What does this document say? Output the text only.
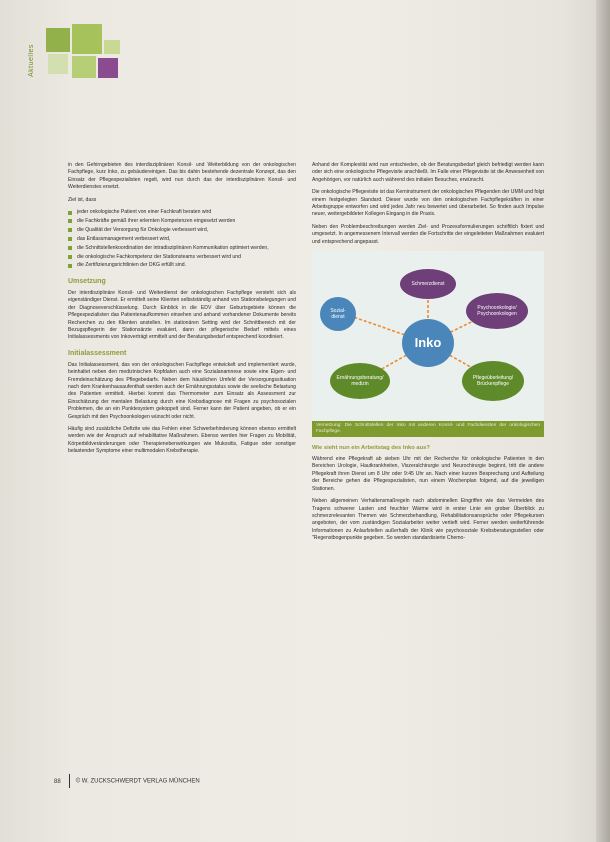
Aktuelles

in den Gehirngebieten des interdisziplinären Konsil- und Weiterbildung von der onkologischen Fachpflege, kurz Inko, zu gebäudereinigen. Das bis dahin bestehende dezentrale Konzept, das den Einsatz der Pflegespezialisten regelt, wird nun durch das der interdisziplinären Konsil- und Weiterdienstes ersetzt.

Ziel ist, dass

jeder onkologische Patient von einer Fachkraft beraten wird
die Fachkräfte gemäß ihrer erlernten Kompetenzen eingesetzt werden
die Qualität der Versorgung für Onkologie verbessert wird,
das Entlassmanagement verbessert wird,
die Schnittstellenkoordination der intradisziplinären Kommunikation optimiert werden,
die onkologische Fachkompetenz der Stationsteams verbessert wird und
die Zertifizierungsrichtlinien der DKG erfüllt sind.
Umsetzung

Der interdisziplinäre Konsil- und Weiterdienst der onkologischen Fachpflege versteht sich als eigenständiger Dienst. Er ermittelt seine Klienten selbstständig anhand von Stationsbelegungen und der Diagnoseverschlüsselung. Durch Einblick in die EDV über Geburtsgebiete können die Pflegespezialisten das Patientenaufkommen einsehen und anhand vorhandener Dokumente bereits Recherchen zu den Klienten anstellen. Im stationären Setting wird der Schnittbereich mit der Bezugspflegerin der Stationsärzte evaluiert, dann der pflegerische Bedarf mittels eines Initialassessments von Inkoverträgt ermittelt und der Beratungsbedarf entsprechend koordiniert.

Initialassessment

Das Initialassessment, das von der onkologischen Fachpflege entwickelt und implementiert wurde, beinhaltet neben den medizinischen Kopfdaten auch eine Sozialanamnese sowie eine Eigen- und Fremdeinschätzung des Pflegebedarfs. Neben dem häuslichen Umfeld der Versorgungssituation nach dem Krankenhausaufenthalt werden auch der Ernährungsstatus sowie die seelische Belastung des Patienten ermittelt. Hierbei kommt das Thermometer zum Einsatz als Assessment zur Einschätzung der mentalen Belastung durch eine Krebsdiagnose mit Fragen zu psychosozialen Problemen, die an ein Punktesystem gekoppelt sind. Ferner kann der Patient angeben, ob er ein Gespräch mit den Psychoonkologen wünscht oder nicht.

Häufig sind zusätzliche Defizite wie das Fehlen einer Schwerbehinderung können ebenso ermittelt werden wie der Anspruch auf rehabilitative Maßnahmen. Ebenso werden hier Fragen zu Mobilität, Körperbildveränderungen oder Therapienebenwirkungen wie Mukositis, Fatigue oder sonstiger belastender Symptome einer multimodalen Krebstherapie.

Anhand der Komplexität wird nun entschieden, ob der Beratungsbedarf gleich befriedigt werden kann oder sich eine onkologische Pflegevisite anschließt. Im Falle einer Pflegevisite ist die Anwesenheit von Angehörigen, vor natürlich auch während des initialen Besuches, erwünscht.

Die onkologische Pflegevisite ist das Kerninstrument der onkologischen Pflegenden der UMM und folgt einem festgelegten Standard. Dieser wurde von den onkologischen Fachpflegekräften in einer Arbeitsgruppe entworfen und wird jedes Jahr neu bewertet und überarbeitet. So finden auch Impulse neuer, weitergebildeter Kollegen Eingang in die Praxis.

Neben den Problembeschreibungen werden Ziel- und Prozessformulierungen schriftlich fixiert und umgesetzt. In angemessenem Intervall werden die Fortschritte der eingeleiteten Maßnahmen evaluiert und entsprechend angepasst.

Inko
Schmerzdienst
Psychoonkologie/
Psychoonkologen
Pflegeüberleitung/
Brückenpflege
Ernährungsberatung/
medizin
Sozial-
dienst
Vernetzung: Die Schnittstellen der Inko mit anderen Konsil- und Fachdiensten der onkologischen Fachpflege.
Wie sieht nun ein Arbeitstag des Inko aus?

Während eine Pflegekraft ab sieben Uhr mit der Recherche für onkologische Patienten in den Bereichen Urologie, Hautkrankheiten, Viszeralchirurgie und Neurochirurgie beginnt, tritt die andere Pflegekraft ihren Dienst um 8 Uhr oder 9:45 Uhr an. Nach einer kurzen Besprechung und Aufteilung der Bereiche gehen die Pflegespezialisten, nun einem Wochenplan folgend, auf die jeweiligen Stationen.

Neben allgemeinen Verhaltensmaßregeln nach abdominellen Eingriffen wie das Vermeiden des Tragens schwerer Lasten und feuchter Wärme wird in erster Linie ein grober Überblick zu schmerzrelevanten Themen wie Schmerzbehandlung, Rehabilitationsansprüche oder Pflegekursen angeboten, der vom zuständigen Sozialarbeiter weiter vertieft wird. Ferner werden weiterführende Informationen zu Anlaufstellen außerhalb der Klinik wie psychosoziale Krebsberatungsstellen oder "Regenstbogenpunkte gegeben. So werden standardisierte Chemo-

88	© W. ZUCKSCHWERDT VERLAG MÜNCHEN
